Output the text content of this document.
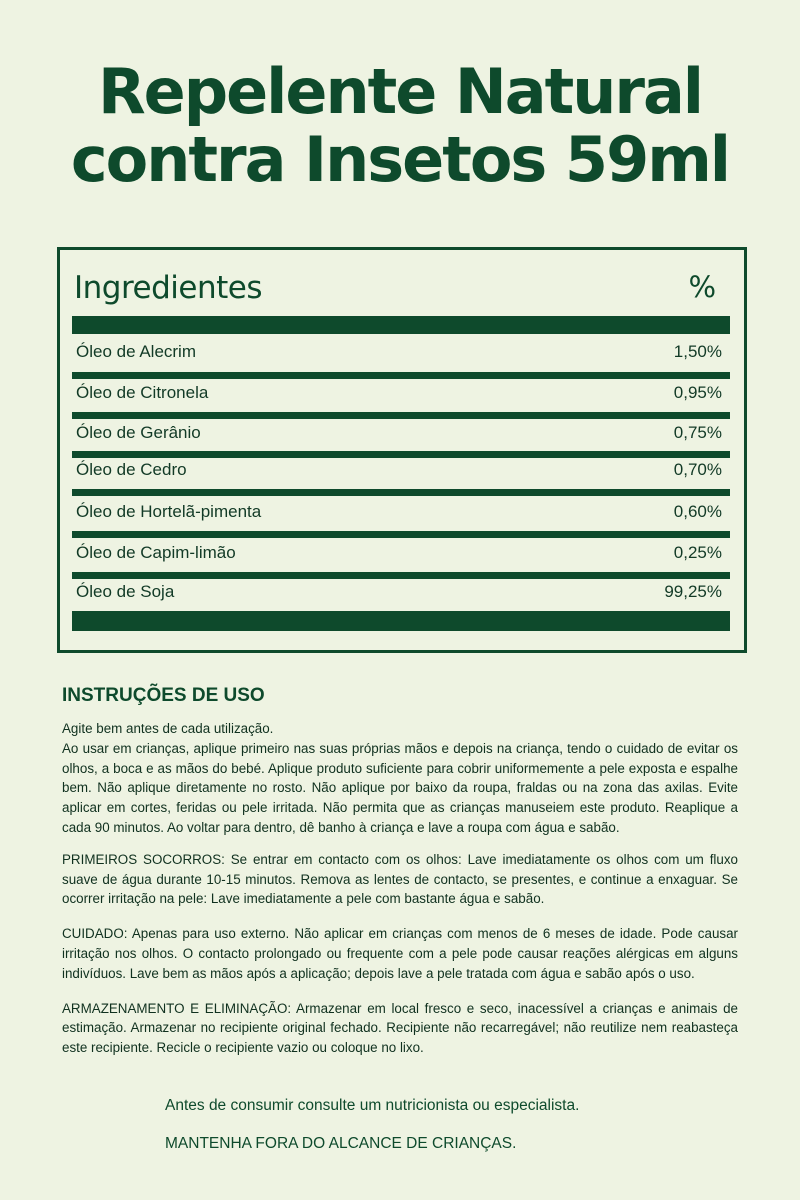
Repelente Natural
contra Insetos 59ml
Ingredientes	%
Óleo de Alecrim	1,50%
Óleo de Citronela	0,95%
Óleo de Gerânio	0,75%
Óleo de Cedro	0,70%
Óleo de Hortelã-pimenta	0,60%
Óleo de Capim-limão	0,25%
Óleo de Soja	99,25%
INSTRUÇÕES DE USO

Agite bem antes de cada utilização.
Ao usar em crianças, aplique primeiro nas suas próprias mãos e depois na criança, tendo o cuidado de evitar os olhos, a boca e as mãos do bebé. Aplique produto suficiente para cobrir uniformemente a pele exposta e espalhe bem. Não aplique diretamente no rosto. Não aplique por baixo da roupa, fraldas ou na zona das axilas. Evite aplicar em cortes, feridas ou pele irritada. Não permita que as crianças manuseiem este produto. Reaplique a cada 90 minutos. Ao voltar para dentro, dê banho à criança e lave a roupa com água e sabão.

PRIMEIROS SOCORROS: Se entrar em contacto com os olhos: Lave imediatamente os olhos com um fluxo suave de água durante 10-15 minutos. Remova as lentes de contacto, se presentes, e continue a enxaguar. Se ocorrer irritação na pele: Lave imediatamente a pele com bastante água e sabão.

CUIDADO: Apenas para uso externo. Não aplicar em crianças com menos de 6 meses de idade. Pode causar irritação nos olhos. O contacto prolongado ou frequente com a pele pode causar reações alérgicas em alguns indivíduos. Lave bem as mãos após a aplicação; depois lave a pele tratada com água e sabão após o uso.

ARMAZENAMENTO E ELIMINAÇÃO: Armazenar em local fresco e seco, inacessível a crianças e animais de estimação. Armazenar no recipiente original fechado. Recipiente não recarregável; não reutilize nem reabasteça este recipiente. Recicle o recipiente vazio ou coloque no lixo.

Antes de consumir consulte um nutricionista ou especialista.
MANTENHA FORA DO ALCANCE DE CRIANÇAS.
